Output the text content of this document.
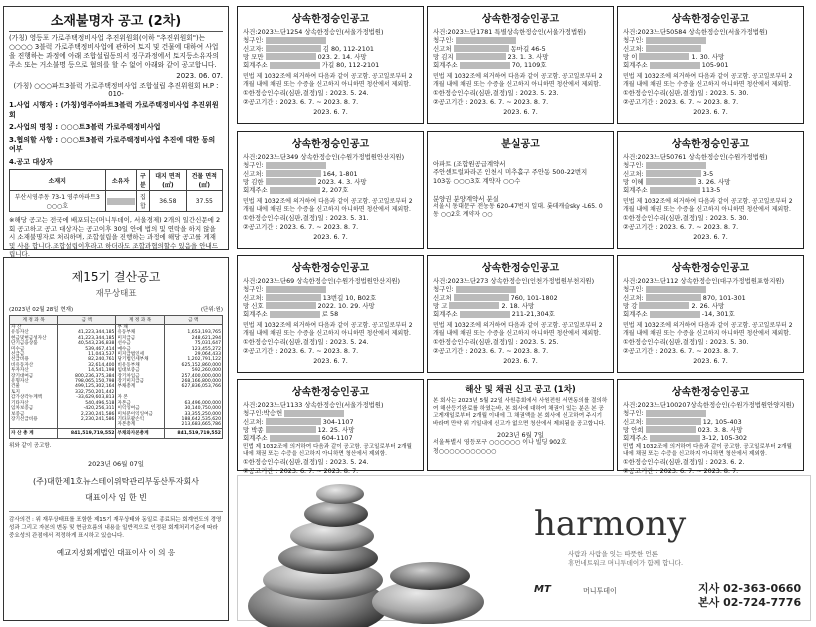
소재불명자 공고 (2차)
(가칭) 영등포 가로주택정비사업 추진위원회(이하 "추진위원회")는 ○○○○ 3블럭 가로주택정비사업에 관하여 토지 및 건물에 대하여 사업을 진행하는 과정에 아래 조합설립동의서 징구과정에서 토지등소유자의 주소 또는 거소불명 등으로 협의를 할 수 없어 아래와 같이 공고합니다.
2023. 06. 07.
(가칭) ○○○파트3블럭 가로주택정비사업 조합설립 추진위원회 H.P : 010-
1.사업 시행자 : (가칭)영주아파트3블럭 가로주택정비사업 추진위원회
2.사업의 명칭 : ○○○트3블럭 가로주택정비사업
3.협의할 사항 : ○○○트3블럭 가로주택정비사업 추진에 대한 동의 여부
4.공고 대상자
소재지	소유자	구분	대지 면적(㎡)	건물 면적(㎡)
부산시영주동 73-1 영주아파트3 ○○○호		집합	36.58	37.55
※해당 공고는 전국에 배포되는(머니투데이, 서울경제) 2개의 일간신문에 2회 공고하고 공고 대상자는 공고이후 30일 안에 법의 및 연락을 하지 않을 시 소재불명자로 처리하며, 조합설립을 진행하는 과정에 해당 공고를 게재 및 사용 합니다.조합설립이후라고 하더라도 조합과협의할수 있음을 안내드립니다.
제15기 결산공고
재무상태표
(2023년 02월 28일 현재)	(단위:원)
계 정 과 목	금 액	계 정 과 목	금 액
자 산		부 채	
유동자산	41,223,344,185	유동부채	1,653,193,765
현금및현금성자산	41,223,344,185	미지급금	248,621,294
단기금융상품	40,543,236,838	선수금	75,031,647
미수금	539,467,414	예수금	123,455,272
선급금	11,043,537	미지급법인세	29,064,433
선급비용	82,240,761	당기법인세부채	1,202,791,122
비유동자산	32,614,400	비유동부채	625,152,860,000
투자자산	14,541,198	임대보증금	592,260,000
장기대여금	800,236,375,384	장기차입금	257,400,000,000
유형자산	798,065,150,798	장기미지급금	268,166,800,000
건물	499,125,302,164	부채총계	627,836,053,766
토지	332,750,201,442		
감가상각누계액	-33,629,603,813	자 본	
기타자산	540,496,518	자본금	63,496,000,000
임차보증금	-420,256,311	이익잉여금	30,140,750,000
보증금	2,230,241,586	미처분이익잉여금	33,355,250,000
장기선급비용	2,230,241,586	기타포괄손익	188,642,535,620
		자본총계	213,683,665,786
자 산 총 계	841,519,719,552	부채와자본총계	841,519,719,552
위와 같이 공고함.
2023년 06월 07일
(주)대한제1호뉴스테이위탁관리부동산투자회사
대표이사 임 한 빈
감사의견 : 위 재무상태표를 포함한 제15기 재무상태와 동일로 종료되는 회계연도의 경영성과 그리고 자본의 변동 및 현금흐름의 내용을 일반적으로 인정된 회계처리기준에 따라 중요성의 관점에서 적정하게 표시하고 있습니다.
예교지성회계법인 대표이사 이 의 응
상속한정승인공고
사건:2023느단1254 상속한정승인(서울가정법원)
청구인:
신고자:	김 80, 112-2101
망 모만	023. 2. 14. 사망
회계주소	가길 80, 112-2101
민법 제 1032조에 의거하여 다음과 같이 공고함. 공고일로부터 2개월 내에 채권 또는 수증을 신고하지 아니하면 청산에서 제외함.
①한정승인수리(심판,결정)일 : 2023. 5. 24.
②공고기간 : 2023. 6. 7. ~ 2023. 8. 7.
2023. 6. 7.
상속한정승인공고
사건:2023느단1781 특별상속한정승인(서울가정법원)
청구인:
신고처	동마길 46-5
망 김지	23. 1. 3. 사망
회계주소	70, 1109호
민법 제 1032조에 의거하여 다음과 같이 공고함. 공고일로부터 2개월 내에 채권 또는 수증을 신고하지 아니하면 청산에서 제외함.
①한정승인수리(심판,결정)일 : 2023. 5. 23.
②공고기간 : 2023. 6. 7. ~ 2023. 8. 7.
2023. 6. 7.
상속한정승인공고
사건:2023느단50584 상속한정승인(서울가정법원)
청구인:
신고처:
망 이	1. 30. 사망
회계주소	105-901
민법 제 1032조에 의거하여 다음과 같이 공고함. 공고일로부터 2개월 내에 채권 또는 수증을 신고하지 아니하면 청산에서 제외함.
①한정승인수리(심판,결정)일 : 2023. 5. 30.
②공고기간 : 2023. 6. 7. ~ 2023. 8. 7.
2023. 6. 7.
상속한정승인공고
사건:2023느단349 상속한정승인(수원가정법원안산지원)
청구인:
신고처:	164, 1-801
망 김한	2023. 4. 3. 사망
회계주소	2, 207호
민법 제 1032조에 의거하여 다음과 같이 공고함. 공고일로부터 2개월 내에 채권 또는 수증을 신고하지 아니하면 청산에서 제외함.
①한정승인수리(심판,결정)일 : 2023. 5. 31.
②공고기간 : 2023. 6. 7. ~ 2023. 8. 7.
2023. 6. 7.
상속한정승인공고
사건:2023느단50761 상속한정승인(수원가정법원)
청구인:
신고처:	3-5
망 이혜	3. 26. 사망
회계주소	113-5
민법 제 1032조에 의거하여 다음과 같이 공고함. 공고일로부터 2개월 내에 채권 또는 수증을 신고하지 아니하면 청산에서 제외함.
①한정승인수리(심판,결정)일 : 2023. 5. 30.
②공고기간 : 2023. 6. 7. ~ 2023. 8. 7.
2023. 6. 7.
상속한정승인공고
사건:2023느단69 상속한정승인(수원가정법원안산지원)
청구인:
신고처:	13번길 10, B02호
망 신호	2022. 10. 29. 사망
회계주소	로 58
민법 제 1032조에 의거하여 다음과 같이 공고함. 공고일로부터 2개월 내에 채권 또는 수증을 신고하지 아니하면 청산에서 제외함.
①한정승인수리(심판,결정)일 : 2023. 5. 24.
②공고기간 : 2023. 6. 7. ~ 2023. 8. 7.
2023. 6. 7.
상속한정승인공고
사건:2023느단273 상속한정승인(인천가정법원부천지원)
청구인:
신고처	760, 101-1802
망 고	2. 18. 사망
회계주소	211-21,304호
민법 제 1032조에 의거하여 다음과 같이 공고함. 공고일로부터 2개월 내에 채권 또는 수증을 신고하지 아니하면 청산에서 제외함.
①한정승인수리(심판,결정)일 : 2023. 5. 25.
②공고기간 : 2023. 6. 7. ~ 2023. 8. 7.
2023. 6. 7.
상속한정승인공고
사건:2023느단112 상속한정승인(대구가정법원포항지원)
청구인:
신고처:	870, 101-301
망 강	2. 26. 사망
회계주소	-14, 301호
민법 제 1032조에 의거하여 다음과 같이 공고함. 공고일로부터 2개월 내에 채권 또는 수증을 신고하지 아니하면 청산에서 제외함.
①한정승인수리(심판,결정)일 : 2023. 5. 30.
②공고기간 : 2023. 6. 7. ~ 2023. 8. 7.
2023. 6. 7.
상속한정승인공고
사건:2023느단1133 상속한정승인(서울가정법원)
청구인:박승헌
신고처:	304-1107
망 박종	12. 25. 사망
회계주소	604-1107
민법 제 1032조에 의거하여 다음과 같이 공고함. 공고일로부터 2개월 내에 채권 또는 수증을 신고하지 아니하면 청산에서 제외함.
①한정승인수리(심판,결정)일 : 2023. 5. 24.
②공고기간 : 2023. 6. 7. ~ 2023. 8. 7.
상속한정승인공고
사건:2023느단100207상속한정승인(수원가정법원안양지원)
청구인:
신고처:	12, 105-403
망 안희	023. 3. 8. 사망
회계주소	3-12, 105-302
민법 제 1032조에 의거하여 다음과 같이 공고함. 공고일로부터 2개월 내에 채권 또는 수증을 신고하지 아니하면 청산에서 제외함.
①한정승인수리(심판,결정)일 : 2023. 6. 2.
②공고기간 : 2023. 6. 7. ~ 2023. 8. 7.
분실공고
아파트 (조합원공급계약서
주안센트럴파라곤 인천시 미추홀구 주안동 500-22번지
103동 ○○○3호 계약자 ○○수
분양권 분양계약서 분실
서울시 동대문구 전농동 620-47번지 일대. 롯데캐슬sky -L65. 0동 ○○2호 계약자 ○○
해산 및 채권 신고 공고 (1차)
본 회사는 2023년 5월 22일 사원총회에서 사원전원 서면동의를 결의하여 해산등기완료를 하였는바, 본 회사에 대하여 채권이 있는 분은 본 공고게재일로부터 2개월 이내에 그 채권액을 본 회사에 신고하여 주시기 바라며 만약 위 기일내에 신고가 없으면 청산에서 제외됨을 공고합니다.
2023년 6월 7일
서울특별시 영등포구 ○○○○○○ 이나 빌딩 902호
청○○○○○○○○○○○
harmony
사람과 사람을 잇는 따뜻한 언론
휴먼네트워크 머니투데이가 함께 합니다.
MT	머니투데이	지사 02-363-0660
본사 02-724-7776
